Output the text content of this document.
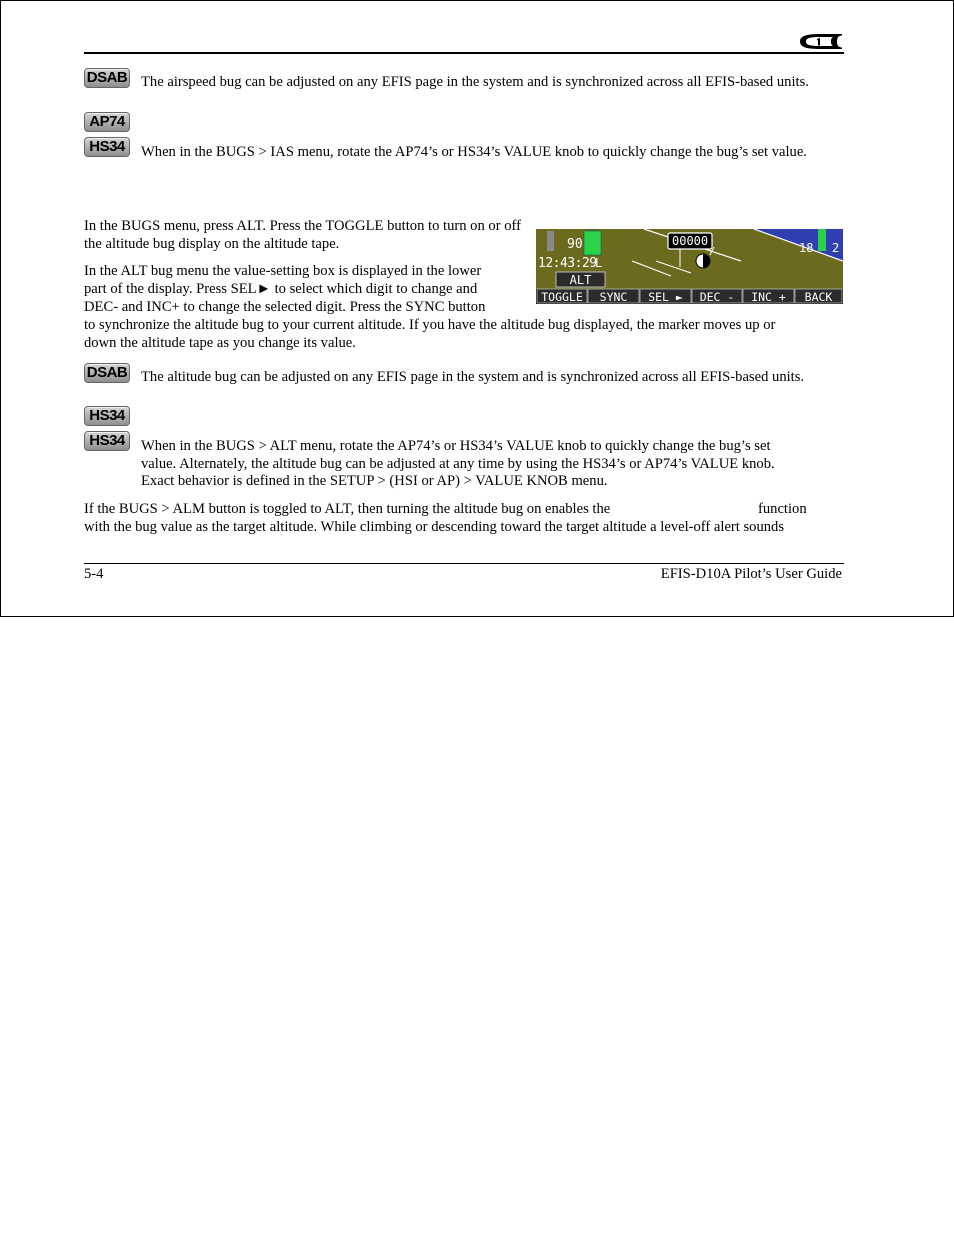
DSAB The airspeed bug can be adjusted on any EFIS page in the system and is synchronized across all EFIS-based units.
AP74
HS34	When in the BUGS > IAS menu, rotate the AP74’s or HS34’s VALUE knob to quickly change the bug’s set value.
In the BUGS menu, press ALT. Press the TOGGLE button to turn on or off the altitude bug display on the altitude tape.
In the ALT bug menu the value-setting box is displayed in the lower
part of the display. Press SEL► to select which digit to change and
DEC- and INC+ to change the selected digit. Press the SYNC button
to synchronize the altitude bug to your current altitude. If you have the altitude bug displayed, the marker moves up or
down the altitude tape as you change its value.
90
12:43:29
L
00000	18 2
ALT
TOGGLE SYNC SEL ► DEC - INC + BACK
DSAB The altitude bug can be adjusted on any EFIS page in the system and is synchronized across all EFIS-based units.
HS34
HS34	When in the BUGS > ALT menu, rotate the AP74’s or HS34’s VALUE knob to quickly change the bug’s set
value. Alternately, the altitude bug can be adjusted at any time by using the HS34’s or AP74’s VALUE knob.
Exact behavior is defined in the SETUP > (HSI or AP) > VALUE KNOB menu.
If the BUGS > ALM button is toggled to ALT, then turning the altitude bug on enables the	function
with the bug value as the target altitude. While climbing or descending toward the target altitude a level-off alert sounds
5-4	EFIS-D10A Pilot’s User Guide
